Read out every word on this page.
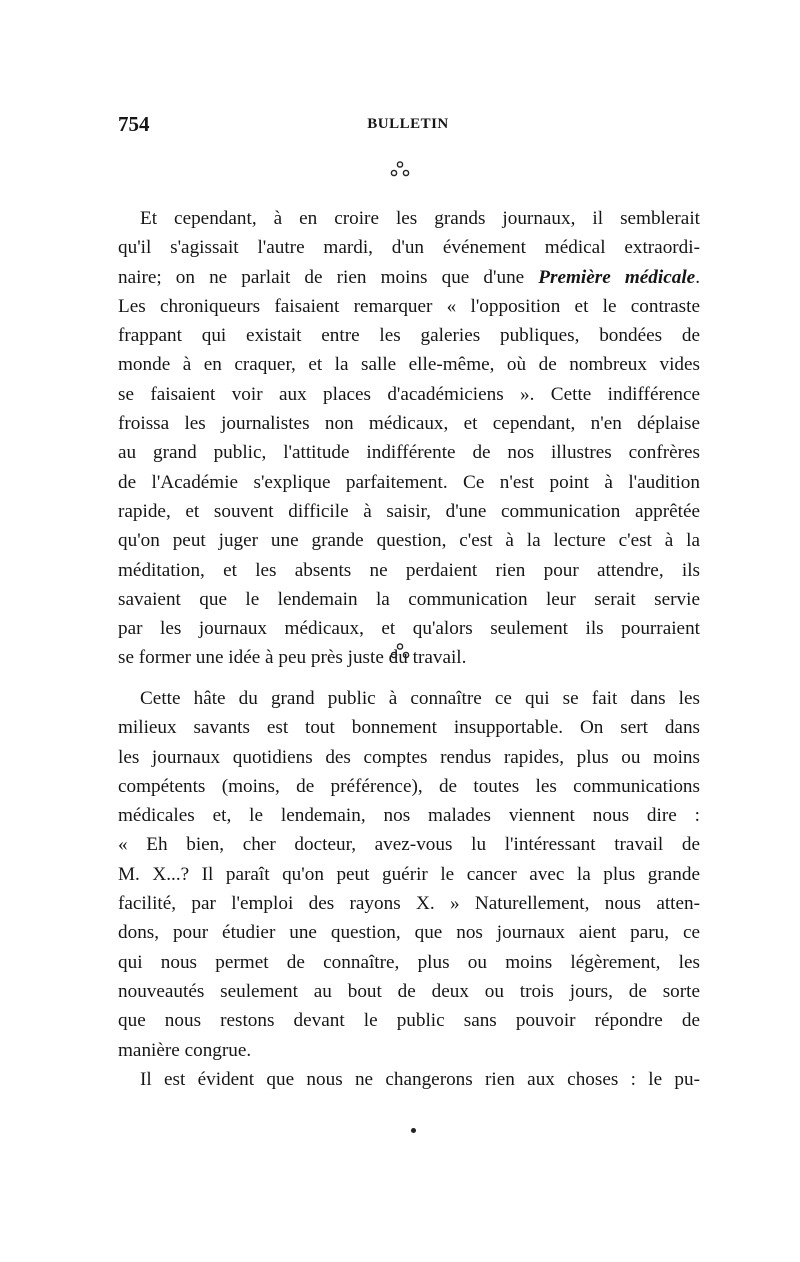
754	BULLETIN

Et cependant, à en croire les grands journaux, il semblerait
qu'il s'agissait l'autre mardi, d'un événement médical extraordi-
naire; on ne parlait de rien moins que d'une Première médicale.
Les chroniqueurs faisaient remarquer « l'opposition et le contraste
frappant qui existait entre les galeries publiques, bondées de
monde à en craquer, et la salle elle-même, où de nombreux vides
se faisaient voir aux places d'académiciens ». Cette indifférence
froissa les journalistes non médicaux, et cependant, n'en déplaise
au grand public, l'attitude indifférente de nos illustres confrères
de l'Académie s'explique parfaitement. Ce n'est point à l'audition
rapide, et souvent difficile à saisir, d'une communication apprêtée
qu'on peut juger une grande question, c'est à la lecture c'est à la
méditation, et les absents ne perdaient rien pour attendre, ils
savaient que le lendemain la communication leur serait servie
par les journaux médicaux, et qu'alors seulement ils pourraient
se former une idée à peu près juste du travail.

Cette hâte du grand public à connaître ce qui se fait dans les
milieux savants est tout bonnement insupportable. On sert dans
les journaux quotidiens des comptes rendus rapides, plus ou moins
compétents (moins, de préférence), de toutes les communications
médicales et, le lendemain, nos malades viennent nous dire :
« Eh bien, cher docteur, avez-vous lu l'intéressant travail de
M. X...? Il paraît qu'on peut guérir le cancer avec la plus grande
facilité, par l'emploi des rayons X. » Naturellement, nous atten-
dons, pour étudier une question, que nos journaux aient paru, ce
qui nous permet de connaître, plus ou moins légèrement, les
nouveautés seulement au bout de deux ou trois jours, de sorte
que nous restons devant le public sans pouvoir répondre de
manière congrue.

Il est évident que nous ne changerons rien aux choses : le pu-
